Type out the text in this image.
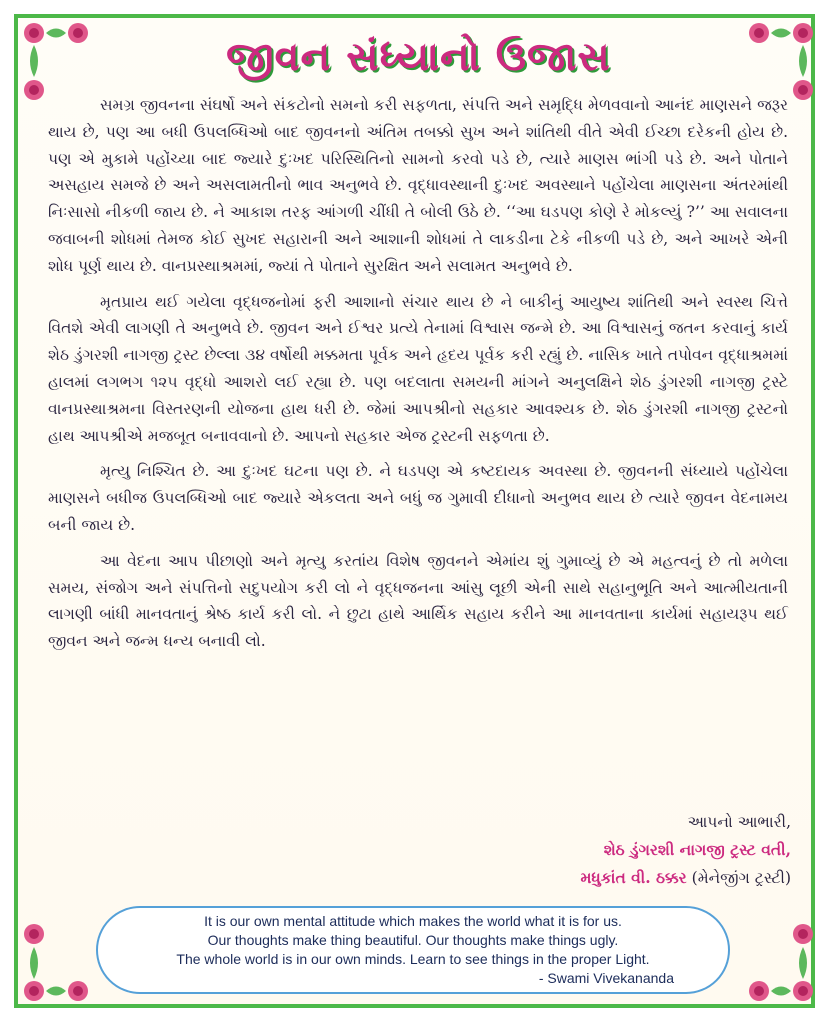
જીવન સંધ્યાનો ઉજાસ

સમગ્ર જીવનના સંઘર્ષો અને સંકટોનો સમનો કરી સફળતા, સંપત્તિ અને સમૃદ્ધિ મેળવવાનો આનંદ માણસને જરૂર થાય છે, પણ આ બધી ઉપલબ્ધિઓ બાદ જીવનનો અંતિમ તબક્કો સુખ અને શાંતિથી વીતે એવી ઈચ્છા દરેકની હોય છે. પણ એ મુકામે પહોંચ્યા બાદ જ્યારે દુઃખદ પરિસ્થિતિનો સામનો કરવો પડે છે, ત્યારે માણસ ભાંગી પડે છે. અને પોતાને અસહાય સમજે છે અને અસલામતીનો ભાવ અનુભવે છે. વૃદ્ધાવસ્થાની દુઃખદ અવસ્થાને પહોંચેલા માણસના અંતરમાંથી નિઃસાસો નીકળી જાય છે. ને આકાશ તરફ આંગળી ચીંધી તે બોલી ઉઠે છે. ‘‘આ ઘડપણ કોણે રે મોકલ્યું ?’’ આ સવાલના જવાબની શોધમાં તેમજ કોઈ સુખદ સહારાની અને આશાની શોધમાં તે લાકડીના ટેકે નીકળી પડે છે, અને આખરે એની શોધ પૂર્ણ થાય છે. વાનપ્રસ્થાશ્રમમાં, જ્યાં તે પોતાને સુરક્ષિત અને સલામત અનુભવે છે.

મૃતપ્રાય થઈ ગયેલા વૃદ્ધજનોમાં ફરી આશાનો સંચાર થાય છે ને બાકીનું આયુષ્ય શાંતિથી અને સ્વસ્થ ચિત્તે વિતશે એવી લાગણી તે અનુભવે છે. જીવન અને ઈશ્વર પ્રત્યે તેનામાં વિશ્વાસ જન્મે છે. આ વિશ્વાસનું જતન કરવાનું કાર્ય શેઠ ડુંગરશી નાગજી ટ્રસ્ટ છેલ્લા ૩૪ વર્ષોથી મક્કમતા પૂર્વક અને હૃદય પૂર્વક કરી રહ્યું છે. નાસિક ખાતે તપોવન વૃદ્ધાશ્રમમાં હાલમાં લગભગ ૧૨૫ વૃદ્ધો આશરો લઈ રહ્યા છે. પણ બદલાતા સમયની માંગને અનુલક્ષિને શેઠ ડુંગરશી નાગજી ટ્રસ્ટે વાનપ્રસ્થાશ્રમના વિસ્તરણની યોજના હાથ ધરી છે. જેમાં આપશ્રીનો સહકાર આવશ્યક છે. શેઠ ડુંગરશી નાગજી ટ્રસ્ટનો હાથ આપશ્રીએ મજબૂત બનાવવાનો છે. આપનો સહકાર એજ ટ્રસ્ટની સફળતા છે.

મૃત્યુ નિશ્ચિત છે. આ દુઃખદ ઘટના પણ છે. ને ઘડપણ એ કષ્ટદાયક અવસ્થા છે. જીવનની સંધ્યાયે પહોંચેલા માણસને બધીજ ઉપલબ્ધિઓ બાદ જ્યારે એકલતા અને બધું જ ગુમાવી દીધાનો અનુભવ થાય છે ત્યારે જીવન વેદનામય બની જાય છે.

આ વેદના આપ પીછાણો અને મૃત્યુ કરતાંય વિશેષ જીવનને એમાંય શું ગુમાવ્યું છે એ મહત્વનું છે તો મળેલા સમય, સંજોગ અને સંપત્તિનો સદુપયોગ કરી લો ને વૃદ્ધજનના આંસુ લૂછી એની સાથે સહાનુભૂતિ અને આત્મીયતાની લાગણી બાંધી માનવતાનું શ્રેષ્ઠ કાર્ય કરી લો. ને છુટા હાથે આર્થિક સહાય કરીને આ માનવતાના કાર્યમાં સહાયરૂપ થઈ જીવન અને જન્મ ધન્ય બનાવી લો.

આપનો આભારી,
શેઠ ડુંગરશી નાગજી ટ્રસ્ટ વતી,
મધુકાંત વી. ઠક્કર (મેનેજીંગ ટ્રસ્ટી)
It is our own mental attitude which makes the world what it is for us.
Our thoughts make thing beautiful. Our thoughts make things ugly.
The whole world is in our own minds. Learn to see things in the proper Light.
- Swami Vivekananda
